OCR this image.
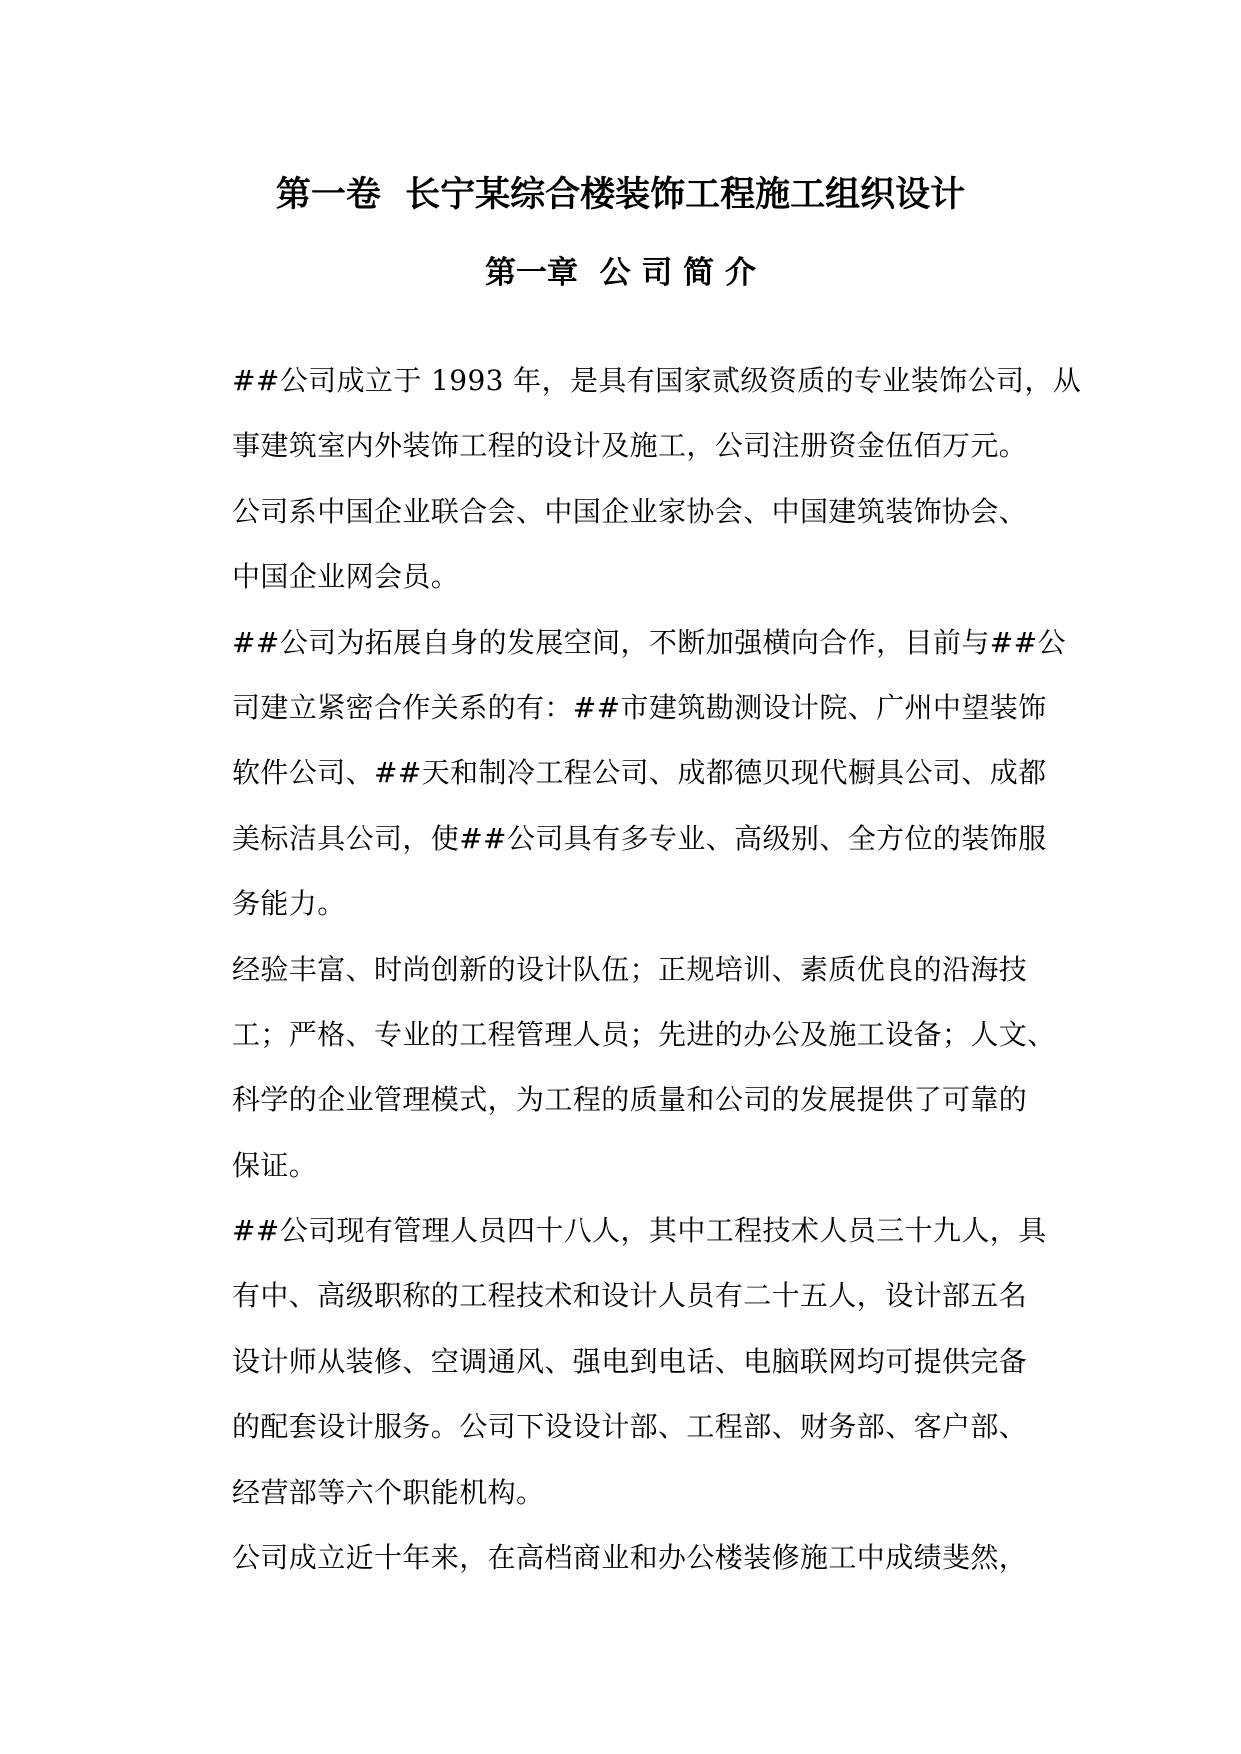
第一卷  长宁某综合楼装饰工程施工组织设计
第一章  公 司 简 介
##公司成立于 1993 年，是具有国家贰级资质的专业装饰公司，从
事建筑室内外装饰工程的设计及施工，公司注册资金伍佰万元。
公司系中国企业联合会、中国企业家协会、中国建筑装饰协会、
中国企业网会员。
##公司为拓展自身的发展空间，不断加强横向合作，目前与##公
司建立紧密合作关系的有：##市建筑勘测设计院、广州中望装饰
软件公司、##天和制冷工程公司、成都德贝现代橱具公司、成都
美标洁具公司，使##公司具有多专业、高级别、全方位的装饰服
务能力。
经验丰富、时尚创新的设计队伍；正规培训、素质优良的沿海技
工；严格、专业的工程管理人员；先进的办公及施工设备；人文、
科学的企业管理模式，为工程的质量和公司的发展提供了可靠的
保证。
##公司现有管理人员四十八人，其中工程技术人员三十九人，具
有中、高级职称的工程技术和设计人员有二十五人，设计部五名
设计师从装修、空调通风、强电到电话、电脑联网均可提供完备
的配套设计服务。公司下设设计部、工程部、财务部、客户部、
经营部等六个职能机构。
公司成立近十年来，在高档商业和办公楼装修施工中成绩斐然，
